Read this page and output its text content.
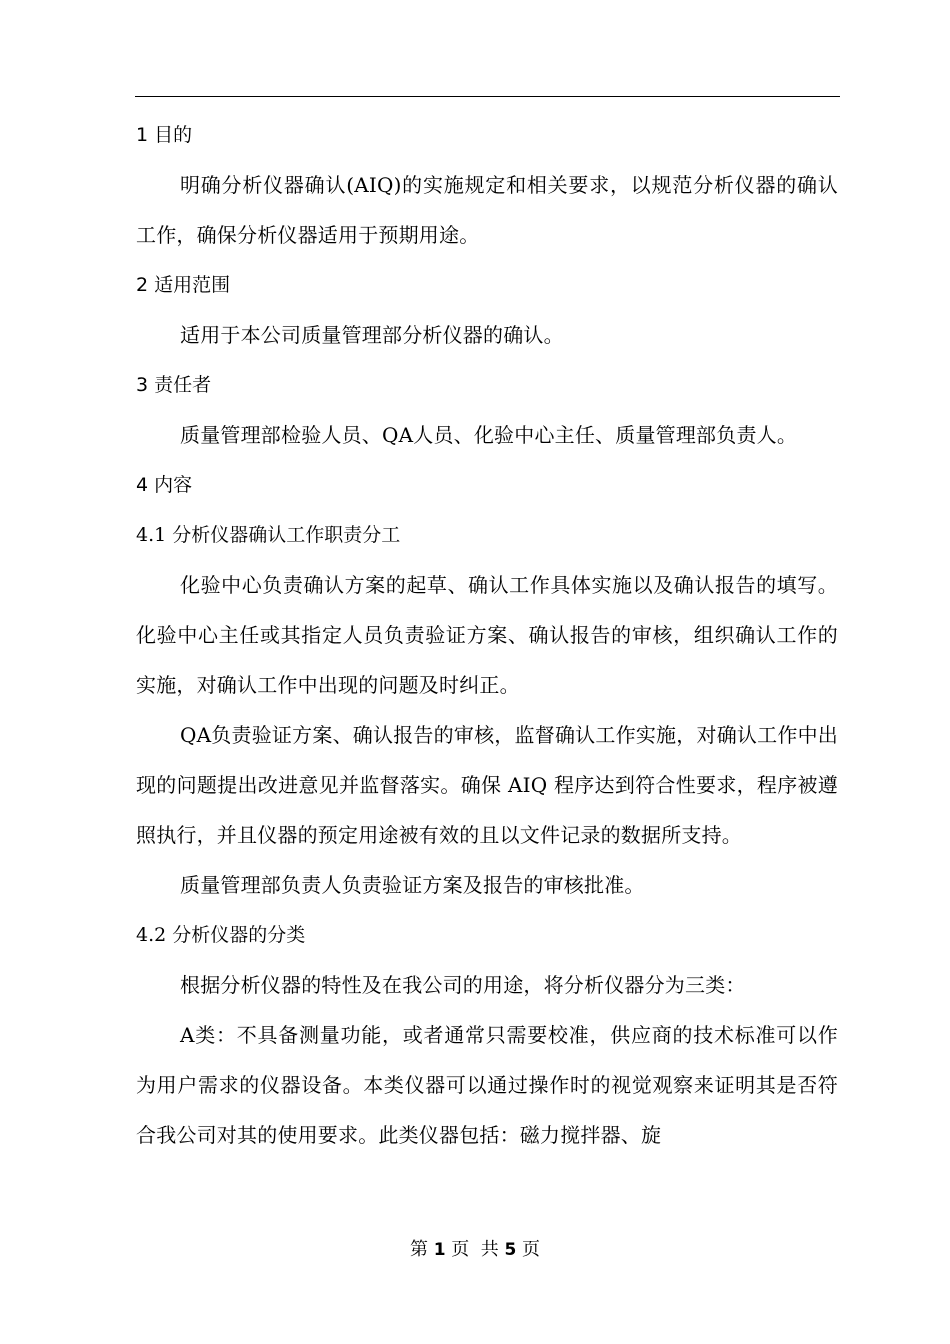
1 目的

明确分析仪器确认(AIQ)的实施规定和相关要求，以规范分析仪器的确认工作，确保分析仪器适用于预期用途。

2 适用范围

适用于本公司质量管理部分析仪器的确认。

3 责任者

质量管理部检验人员、QA人员、化验中心主任、质量管理部负责人。

4 内容
4.1 分析仪器确认工作职责分工

化验中心负责确认方案的起草、确认工作具体实施以及确认报告的填写。化验中心主任或其指定人员负责验证方案、确认报告的审核，组织确认工作的实施，对确认工作中出现的问题及时纠正。

QA负责验证方案、确认报告的审核，监督确认工作实施，对确认工作中出现的问题提出改进意见并监督落实。确保 AIQ 程序达到符合性要求，程序被遵照执行，并且仪器的预定用途被有效的且以文件记录的数据所支持。

质量管理部负责人负责验证方案及报告的审核批准。

4.2 分析仪器的分类

根据分析仪器的特性及在我公司的用途，将分析仪器分为三类：

A类：不具备测量功能，或者通常只需要校准，供应商的技术标准可以作为用户需求的仪器设备。本类仪器可以通过操作时的视觉观察来证明其是否符合我公司对其的使用要求。此类仪器包括：磁力搅拌器、旋

第 1 页  共 5 页
